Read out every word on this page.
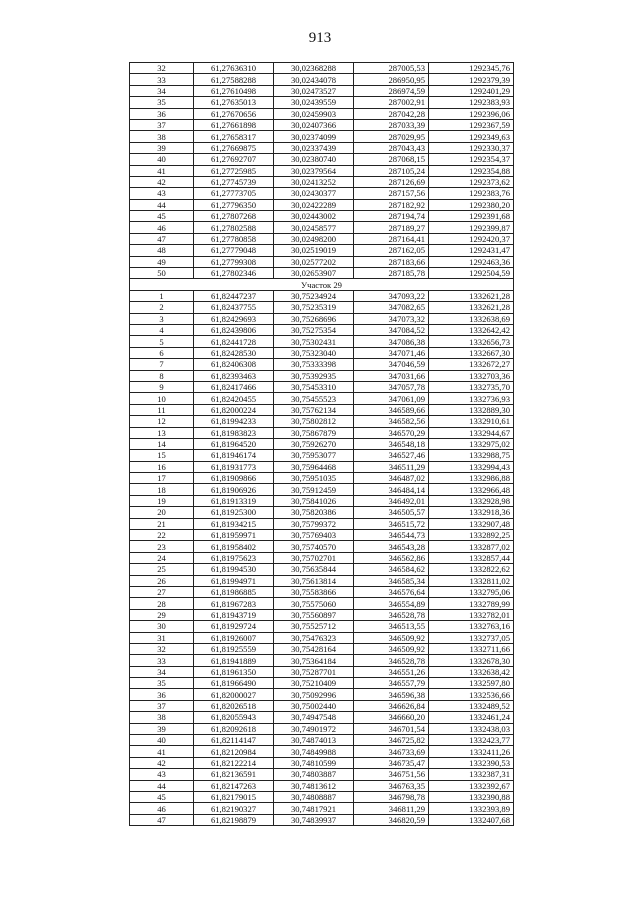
913
32	61,27636310	30,02368288	287005,53	1292345,76
33	61,27588288	30,02434078	286950,95	1292379,39
34	61,27610498	30,02473527	286974,59	1292401,29
35	61,27635013	30,02439559	287002,91	1292383,93
36	61,27670656	30,02459903	287042,28	1292396,06
37	61,27661898	30,02407366	287033,39	1292367,59
38	61,27658317	30,02374099	287029,95	1292349,63
39	61,27669875	30,02337439	287043,43	1292330,37
40	61,27692707	30,02380740	287068,15	1292354,37
41	61,27725985	30,02379564	287105,24	1292354,88
42	61,27745739	30,02413252	287126,69	1292373,62
43	61,27773705	30,02430377	287157,56	1292383,76
44	61,27796350	30,02422289	287182,92	1292380,20
45	61,27807268	30,02443002	287194,74	1292391,68
46	61,27802588	30,02458577	287189,27	1292399,87
47	61,27780858	30,02498200	287164,41	1292420,37
48	61,27779048	30,02519019	287162,05	1292431,47
49	61,27799308	30,02577202	287183,66	1292463,36
50	61,27802346	30,02653907	287185,78	1292504,59
Участок 29				
1	61,82447237	30,75234924	347093,22	1332621,28
2	61,82437755	30,75235319	347082,65	1332621,28
3	61,82429693	30,75268696	347073,32	1332638,69
4	61,82439806	30,75275354	347084,52	1332642,42
5	61,82441728	30,75302431	347086,38	1332656,73
6	61,82428530	30,75323040	347071,46	1332667,30
7	61,82406308	30,75333398	347046,59	1332672,27
8	61,82393463	30,75392935	347031,66	1332703,36
9	61,82417466	30,75453310	347057,78	1332735,70
10	61,82420455	30,75455523	347061,09	1332736,93
11	61,82000224	30,75762134	346589,66	1332889,30
12	61,81994233	30,75802812	346582,56	1332910,61
13	61,81983823	30,75867879	346570,29	1332944,67
14	61,81964520	30,75926270	346548,18	1332975,02
15	61,81946174	30,75953077	346527,46	1332988,75
16	61,81931773	30,75964468	346511,29	1332994,43
17	61,81909866	30,75951035	346487,02	1332986,88
18	61,81906926	30,75912459	346484,14	1332966,48
19	61,81913319	30,75841026	346492,01	1332928,98
20	61,81925300	30,75820386	346505,57	1332918,36
21	61,81934215	30,75799372	346515,72	1332907,48
22	61,81959971	30,75769403	346544,73	1332892,25
23	61,81958402	30,75740570	346543,28	1332877,02
24	61,81975623	30,75702701	346562,86	1332857,44
25	61,81994530	30,75635844	346584,62	1332822,62
26	61,81994971	30,75613814	346585,34	1332811,02
27	61,81986885	30,75583866	346576,64	1332795,06
28	61,81967283	30,75575060	346554,89	1332789,99
29	61,81943719	30,75560897	346528,78	1332782,01
30	61,81929724	30,75525712	346513,55	1332763,16
31	61,81926007	30,75476323	346509,92	1332737,05
32	61,81925559	30,75428164	346509,92	1332711,66
33	61,81941889	30,75364184	346528,78	1332678,30
34	61,81961350	30,75287701	346551,26	1332638,42
35	61,81966490	30,75210409	346557,79	1332597,80
36	61,82000027	30,75092996	346596,38	1332536,66
37	61,82026518	30,75002440	346626,84	1332489,52
38	61,82055943	30,74947548	346660,20	1332461,24
39	61,82092618	30,74901972	346701,54	1332438,03
40	61,82114147	30,74874013	346725,82	1332423,77
41	61,82120984	30,74849988	346733,69	1332411,26
42	61,82122214	30,74810599	346735,47	1332390,53
43	61,82136591	30,74803887	346751,56	1332387,31
44	61,82147263	30,74813612	346763,35	1332392,67
45	61,82179015	30,74808887	346798,78	1332390,88
46	61,82190327	30,74817921	346811,29	1332393,89
47	61,82198879	30,74839937	346820,59	1332407,68
